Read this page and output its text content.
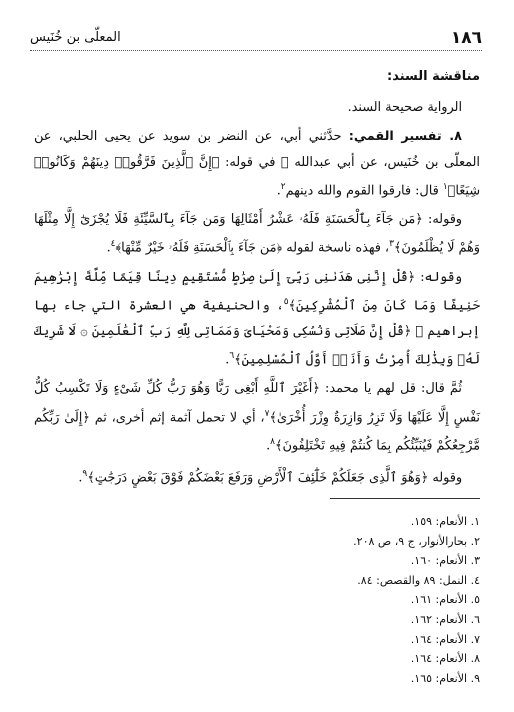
١٨٦
المعلّى بن خُنَيس

مناقشة السند:

الرواية صحيحة السند.

٨. تفسير القمي: حدَّثني أبي، عن النضر بن سويد عن يحيى الحلبي، عن المعلّى بن خُنَيس، عن أبي عبدالله ﷺ في قوله: ﴿إِنَّ ٱلَّذِينَ فَرَّقُوا۟ دِينَهُمْ وَكَانُوا۟ شِيَعًا﴾$^١$ قال: فارقوا القوم والله دينهم$^٢$.

وقوله: ﴿مَن جَآءَ بِٱلْحَسَنَةِ فَلَهُۥ عَشْرُ أَمْثَالِهَا وَمَن جَآءَ بِٱلسَّيِّئَةِ فَلَا يُجْزَىٰٓ إِلَّا مِثْلَهَا وَهُمْ لَا يُظْلَمُونَ﴾$^٣$، فهذه ناسخة لقوله ﴿مَن جَآءَ بِٱلْحَسَنَةِ فَلَهُۥ خَيْرٌ مِّنْهَا﴾$^٤$.

وقوله: ﴿قُلْ إِنَّنِى هَدَىٰنِى رَبِّىٓ إِلَىٰ صِرَٰطٍ مُّسْتَقِيمٍ دِينًا قِيَمًا مِّلَّةَ إِبْرَٰهِيمَ حَنِيفًا وَمَا كَانَ مِنَ ٱلْمُشْرِكِينَ﴾$^٥$، والحنيفية هي العشرة التي جاء بها إبراهيم ﷺ ﴿قُلْ إِنَّ صَلَاتِى وَنُسُكِى وَمَحْيَاىَ وَمَمَاتِى لِلَّهِ رَبِّ ٱلْعَٰلَمِينَ ۞ لَا شَرِيكَ لَهُۥ وَبِذَٰلِكَ أُمِرْتُ وَأَنَا۠ أَوَّلُ ٱلْمُسْلِمِينَ﴾$^٦$.

ثُمَّ قال: قل لهم يا محمد: ﴿أَغَيْرَ ٱللَّهِ أَبْغِى رَبًّا وَهُوَ رَبُّ كُلِّ شَىْءٍ وَلَا تَكْسِبُ كُلُّ نَفْسٍ إِلَّا عَلَيْهَا وَلَا تَزِرُ وَازِرَةٌ وِزْرَ أُخْرَىٰ﴾$^٧$، أي لا تحمل آثمة إثم أخرى، ثم ﴿إِلَىٰ رَبِّكُم مَّرْجِعُكُمْ فَيُنَبِّئُكُم بِمَا كُنتُمْ فِيهِ تَخْتَلِفُونَ﴾$^٨$.

وقوله ﴿وَهُوَ ٱلَّذِى جَعَلَكُمْ خَلَٰٓئِفَ ٱلْأَرْضِ وَرَفَعَ بَعْضَكُمْ فَوْقَ بَعْضٍ دَرَجَٰتٍ﴾$^٩$.

١. الأنعام: ١٥٩.
٢. بحارالأنوار، ج ٩، ص ٢٠٨.
٣. الأنعام: ١٦٠.
٤. النمل: ٨٩ والقصص: ٨٤.
٥. الأنعام: ١٦١.
٦. الأنعام: ١٦٢.
٧. الأنعام: ١٦٤.
٨. الأنعام: ١٦٤.
٩. الأنعام: ١٦٥.
